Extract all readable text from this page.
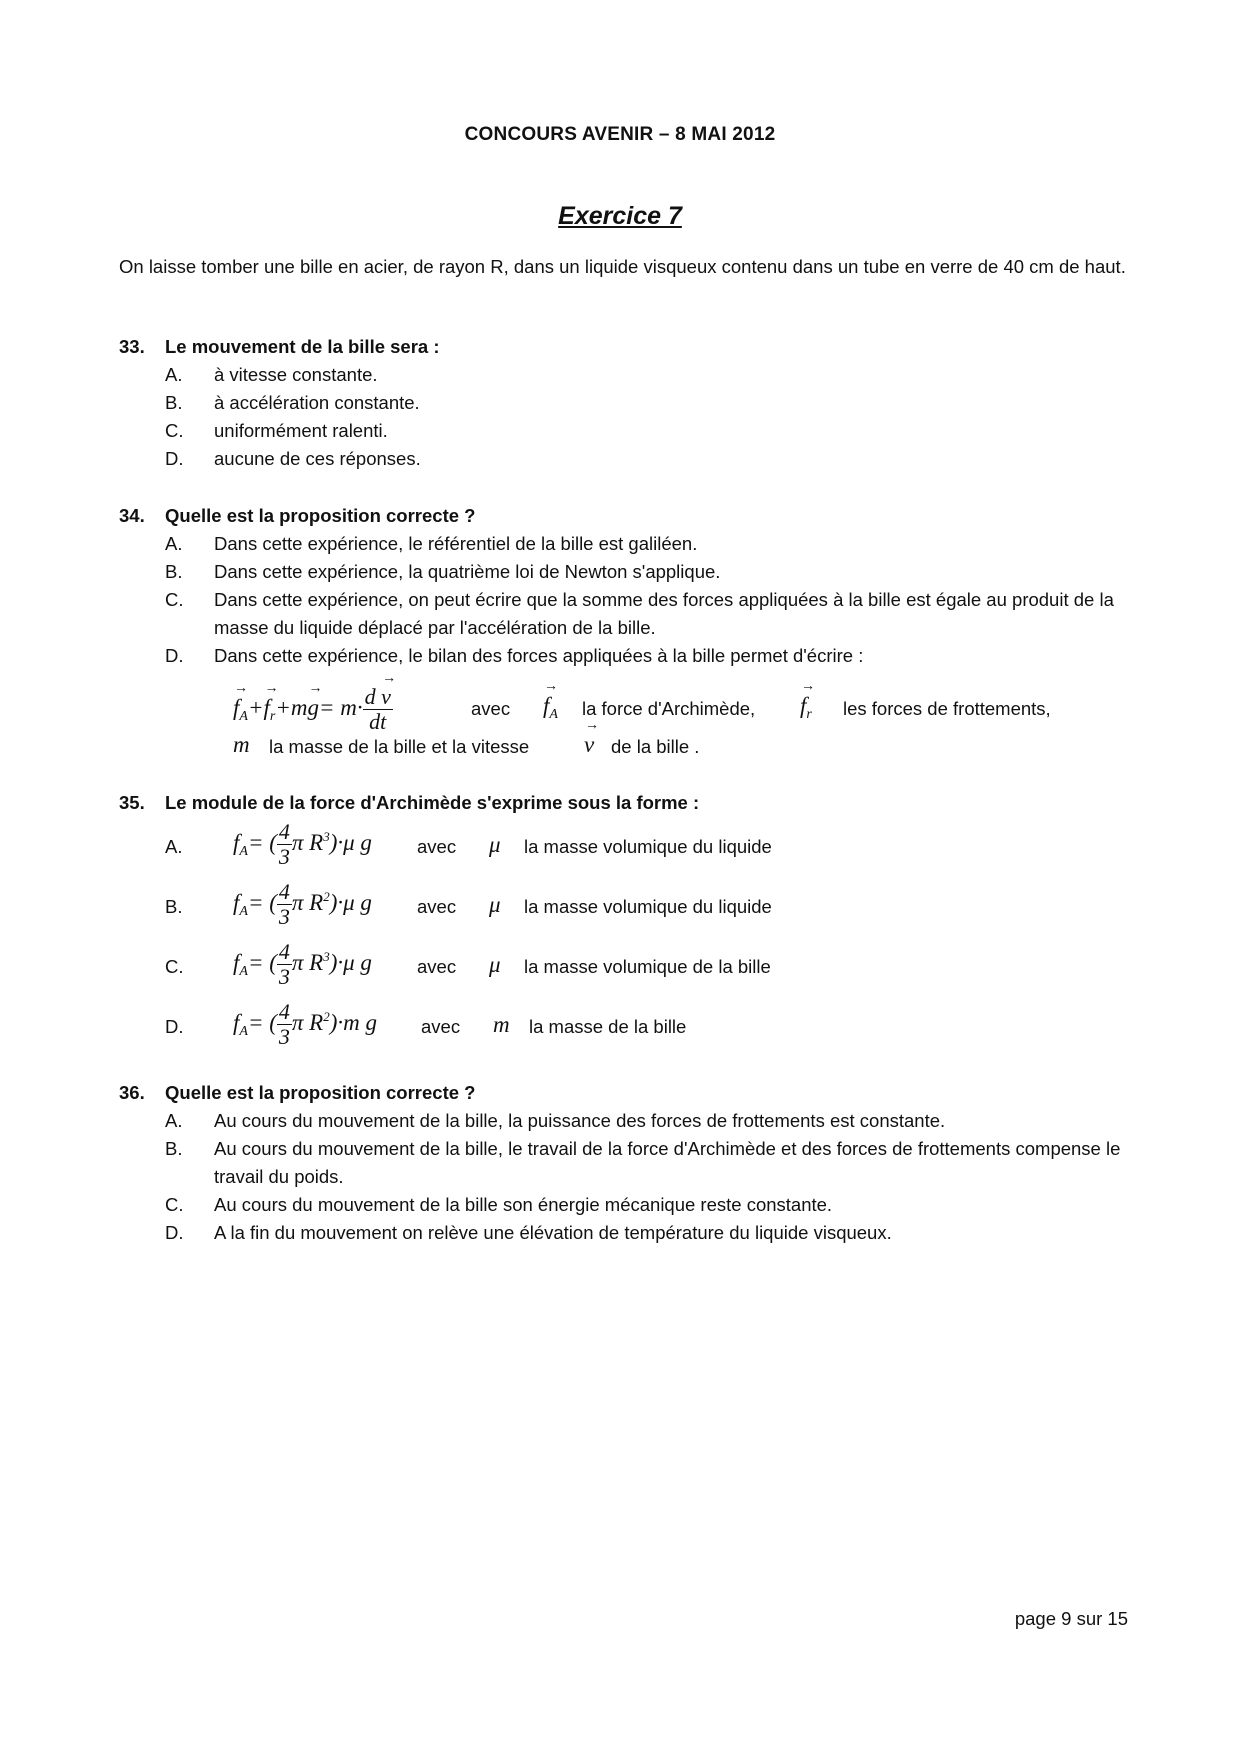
CONCOURS AVENIR – 8 MAI 2012
Exercice 7
On laisse tomber une bille en acier, de rayon R, dans un liquide visqueux contenu dans un tube en verre de 40 cm de haut.
33. Le mouvement de la bille sera :
A. à vitesse constante.
B. à accélération constante.
C. uniformément ralenti.
D. aucune de ces réponses.
34. Quelle est la proposition correcte ?
A. Dans cette expérience, le référentiel de la bille est galiléen.
B. Dans cette expérience, la quatrième loi de Newton s'applique.
C. Dans cette expérience, on peut écrire que la somme des forces appliquées à la bille est égale au produit de la masse du liquide déplacé par l'accélération de la bille.
D. Dans cette expérience, le bilan des forces appliquées à la bille permet d'écrire :
→ $f_A+\to f_r+m\to g= m\cdot \frac{d \to v}{dt}$	avec → $f_A$ la force d'Archimède, → $f_r$ les forces de frottements,
m la masse de la bille et la vitesse → v de la bille .
35. Le module de la force d'Archimède s'exprime sous la forme :
A. $f_A=$ ( $\frac{4}{3}$ π $R^3)\cdot\mu$ g avec μ la masse volumique du liquide
B. $f_A=$ ( $\frac{4}{3}$ π $R^2)\cdot\mu$ g avec μ la masse volumique du liquide
C. $f_A=$ ( $\frac{4}{3}$ π $R^3)\cdot\mu$ g avec μ la masse volumique de la bille
D. $f_A=$ ( $\frac{4}{3}$ π $R^2)\cdot m$ g avec m la masse de la bille
36. Quelle est la proposition correcte ?
A. Au cours du mouvement de la bille, la puissance des forces de frottements est constante.
B. Au cours du mouvement de la bille, le travail de la force d'Archimède et des forces de frottements compense le travail du poids.
C. Au cours du mouvement de la bille son énergie mécanique reste constante.
D. A la fin du mouvement on relève une élévation de température du liquide visqueux.
page 9 sur 15
